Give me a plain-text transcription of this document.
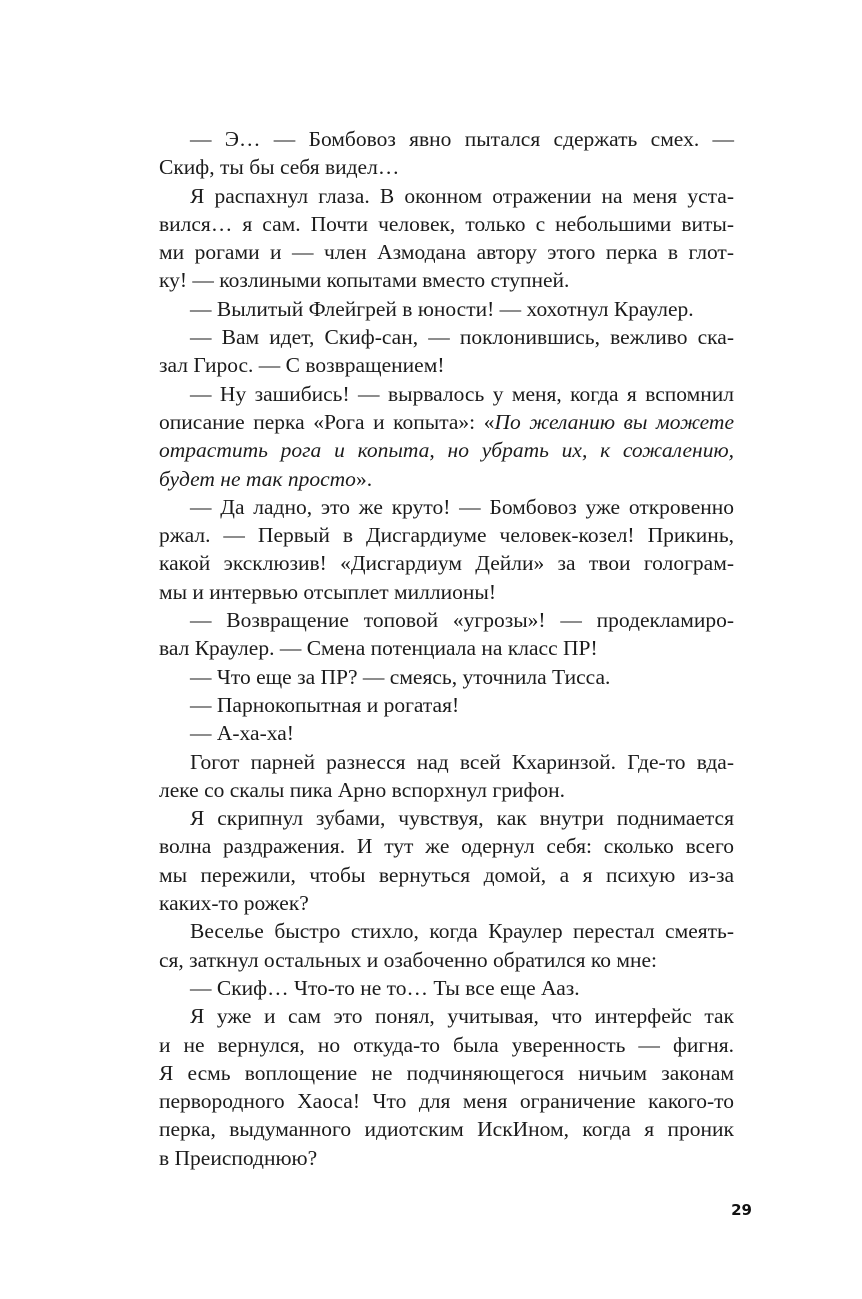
— Э… — Бомбовоз явно пытался сдержать смех. —
Скиф, ты бы себя видел…
Я распахнул глаза. В оконном отражении на меня уста-
вился… я сам. Почти человек, только с небольшими виты-
ми рогами и — член Азмодана автору этого перка в глот-
ку! — козлиными копытами вместо ступней.
— Вылитый Флейгрей в юности! — хохотнул Краулер.
— Вам идет, Скиф-сан, — поклонившись, вежливо ска-
зал Гирос. — С возвращением!
— Ну зашибись! — вырвалось у меня, когда я вспомнил
описание перка «Рога и копыта»: «По желанию вы можете
отрастить рога и копыта, но убрать их, к сожалению,
будет не так просто».
— Да ладно, это же круто! — Бомбовоз уже откровенно
ржал. — Первый в Дисгардиуме человек-козел! Прикинь,
какой эксклюзив! «Дисгардиум Дейли» за твои голограм-
мы и интервью отсыплет миллионы!
— Возвращение топовой «угрозы»! — продекламиро-
вал Краулер. — Смена потенциала на класс ПР!
— Что еще за ПР? — смеясь, уточнила Тисса.
— Парнокопытная и рогатая!
— А-ха-ха!
Гогот парней разнесся над всей Кхаринзой. Где-то вда-
леке со скалы пика Арно вспорхнул грифон.
Я скрипнул зубами, чувствуя, как внутри поднимается
волна раздражения. И тут же одернул себя: сколько всего
мы пережили, чтобы вернуться домой, а я психую из-за
каких-то рожек?
Веселье быстро стихло, когда Краулер перестал смеять-
ся, заткнул остальных и озабоченно обратился ко мне:
— Скиф… Что-то не то… Ты все еще Ааз.
Я уже и сам это понял, учитывая, что интерфейс так
и не вернулся, но откуда-то была уверенность — фигня.
Я есмь воплощение не подчиняющегося ничьим законам
первородного Хаоса! Что для меня ограничение какого-то
перка, выдуманного идиотским ИскИном, когда я проник
в Преисподнюю?
29
